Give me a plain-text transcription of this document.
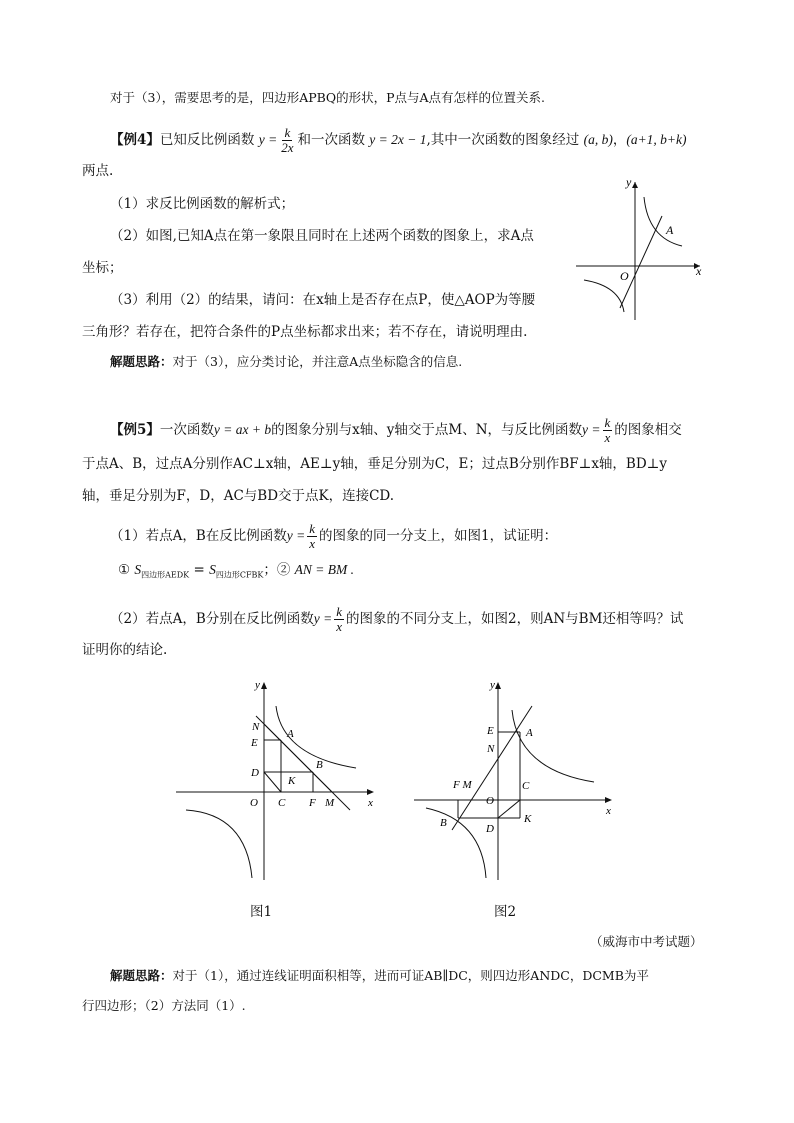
对于（3），需要思考的是，四边形APBQ的形状，P点与A点有怎样的位置关系.
【例4】已知反比例函数 $y = \frac{k}{2x}$ 和一次函数 y = 2x − 1,其中一次函数的图象经过 (a, b)，(a+1, b+k)
两点.
（1）求反比例函数的解析式；
（2）如图,已知A点在第一象限且同时在上述两个函数的图象上，求A点
坐标；
（3）利用（2）的结果，请问：在x轴上是否存在点P，使△AOP为等腰
三角形？若存在，把符合条件的P点坐标都求出来；若不存在，请说明理由.
解题思路：对于（3），应分类讨论，并注意A点坐标隐含的信息.
A
O	x
y
【例5】一次函数y = ax + b的图象分别与x轴、y轴交于点M、N，与反比例函数$y = \frac{k}{x}$ 的图象相交
于点A、B，过点A分别作AC⊥x轴，AE⊥y轴，垂足分别为C，E；过点B分别作BF⊥x轴，BD⊥y
轴，垂足分别为F，D，AC与BD交于点K，连接CD.
（1）若点A，B在反比例函数$y = \frac{k}{x}$ 的图象的同一分支上，如图1，试证明：
① $S_{四边形AEDK} = S_{四边形CFBK}$；② AN = BM .
（2）若点A，B分别在反比例函数$y = \frac{k}{x}$ 的图象的不同分支上，如图2，则AN与BM还相等吗？试
证明你的结论.
N
E
A
D
K
B
O C F M	x
y
图1
E	A
N
F M	C
O
B	D
K
x
y
图2
（威海市中考试题）
解题思路：对于（1），通过连线证明面积相等，进而可证AB∥DC，则四边形ANDC，DCMB为平
行四边形；（2）方法同（1）.
